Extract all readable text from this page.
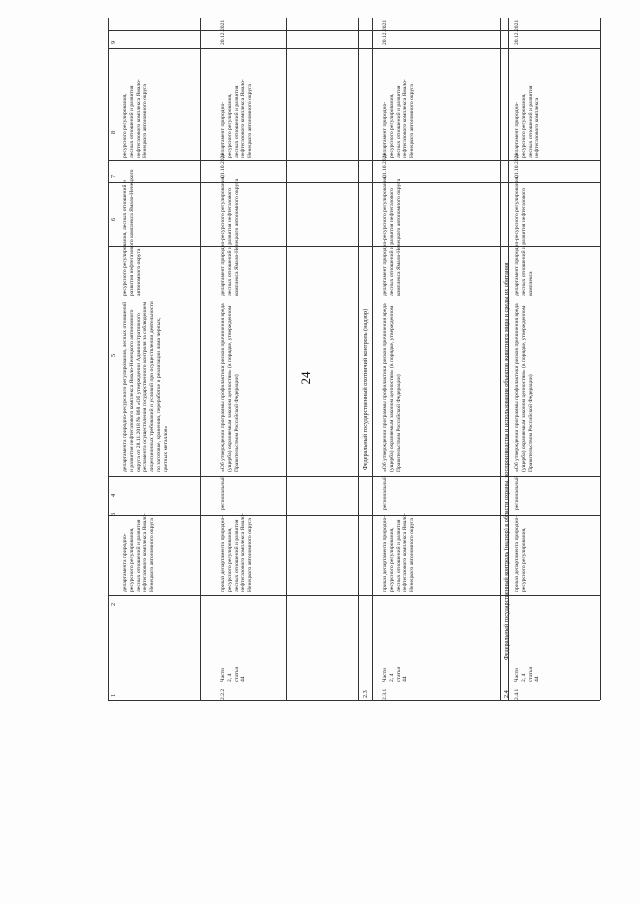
24
1
2
3
4
5
6
7
8
9
2.3
Федеральный государственный охотничий контроль (надзор)
2.4
Федеральный государственный контроль (надзор) в области охраны, воспроизводства и использования объектов животного мира и среды их обитания
департамента природно- ресурсного регулирования, лесных отношений и развития нефтегазового комплекса Ямало- Ненецкого автономного округа
департамента природно-ресурсного регулирования, лесных отношений и развития нефтегазового комплекса Ямало-Ненецкого автономного округа от 28.11.2018 № 868 «Об утверждении Административного регламента осуществления государственного контроля за соблюдением лицензионных требований и условий при осуществлении деятельности по заготовке, хранению, переработке и реализации лома черных, цветных металлов»
ресурсного регулирования, лесных отношений и развития нефтегазового комплекса Ямало-Ненецкого автономного округа
ресурсного регулирования, лесных отношений и развития нефтегазового комплекса Ямало-Ненецкого автономного округа
2.2.2
Части 2, 4 статьи 44
приказ департамента природно- ресурсного регулирования, лесных отношений и развития нефтегазового комплекса Ямало- Ненецкого автономного округа
региональный
«Об утверждении программы профилактики рисков причинения вреда (ущерба) охраняемым законом ценностям» (в порядке, утвержденном Правительством Российской Федерации)
департамент природно-ресурсного регулирования, лесных отношений и развития нефтегазового комплекса Ямало-Ненецкого автономного округа
01.10.2021
департамент природно-ресурсного регулирования, лесных отношений и развития нефтегазового комплекса Ямало-Ненецкого автономного округа
20.12.2021
2.3.1
Части 2, 4 статьи 44
приказ департамента природно- ресурсного регулирования, лесных отношений и развития нефтегазового комплекса Ямало- Ненецкого автономного округа
региональный
«Об утверждении программы профилактики рисков причинения вреда (ущерба) охраняемым законом ценностям» (в порядке, утвержденном Правительством Российской Федерации)
департамент природно-ресурсного регулирования, лесных отношений и развития нефтегазового комплекса Ямало-Ненецкого автономного округа
01.10.2021
департамент природно-ресурсного регулирования, лесных отношений и развития нефтегазового комплекса Ямало-Ненецкого автономного округа
20.12.2021
2.4.1
Части 2, 4 статьи 44
приказ департамента природно- ресурсного регулирования,
региональный
«Об утверждении программы профилактики рисков причинения вреда (ущерба) охраняемым законом ценностям» (в порядке, утвержденном Правительством Российской Федерации)
департамент природно-ресурсного регулирования, лесных отношений и развития нефтегазового комплекса
01.10.2021
департамент природно-ресурсного регулирования, лесных отношений и развития нефтегазового комплекса
20.12.2021
